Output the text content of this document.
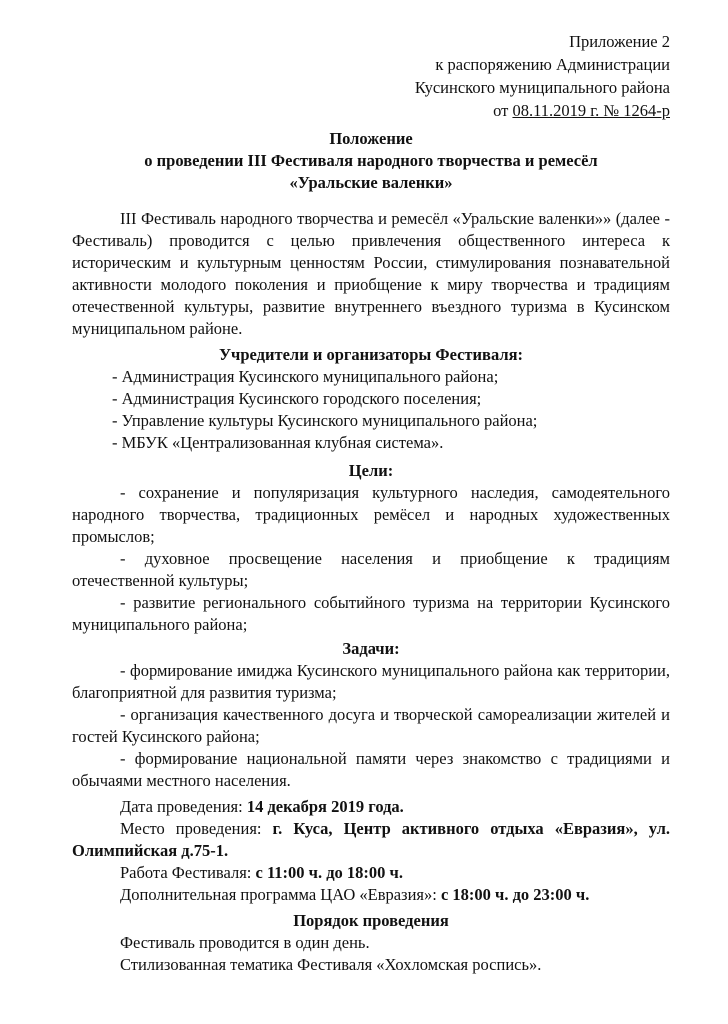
Приложение 2
к распоряжению Администрации
Кусинского муниципального района
от 08.11.2019 г. № 1264-р
Положение
о проведении III Фестиваля народного творчества и ремесёл
«Уральские валенки»

III Фестиваль народного творчества и ремесёл «Уральские валенки»» (далее - Фестиваль) проводится с целью привлечения общественного интереса к историческим и культурным ценностям России, стимулирования познавательной активности молодого поколения и приобщение к миру творчества и традициям отечественной культуры, развитие внутреннего въездного туризма в Кусинском муниципальном районе.

Учредители и организаторы Фестиваля:
- Администрация Кусинского муниципального района;
- Администрация Кусинского городского поселения;
- Управление культуры Кусинского муниципального района;
- МБУК «Централизованная клубная система».
Цели:

- сохранение и популяризация культурного наследия, самодеятельного народного творчества, традиционных ремёсел и народных художественных промыслов;

- духовное просвещение населения и приобщение к традициям отечественной культуры;

- развитие регионального событийного туризма на территории Кусинского муниципального района;

Задачи:

- формирование имиджа Кусинского муниципального района как территории, благоприятной для развития туризма;

- организация качественного досуга и творческой самореализации жителей и гостей Кусинского района;

- формирование национальной памяти через знакомство с традициями и обычаями местного населения.

Дата проведения: 14 декабря 2019 года.
Место проведения: г. Куса, Центр активного отдыха «Евразия», ул. Олимпийская д.75-1.
Работа Фестиваля: с 11:00 ч. до 18:00 ч.
Дополнительная программа ЦАО «Евразия»: с 18:00 ч. до 23:00 ч.
Порядок проведения
Фестиваль проводится в один день.
Стилизованная тематика Фестиваля «Хохломская роспись».
